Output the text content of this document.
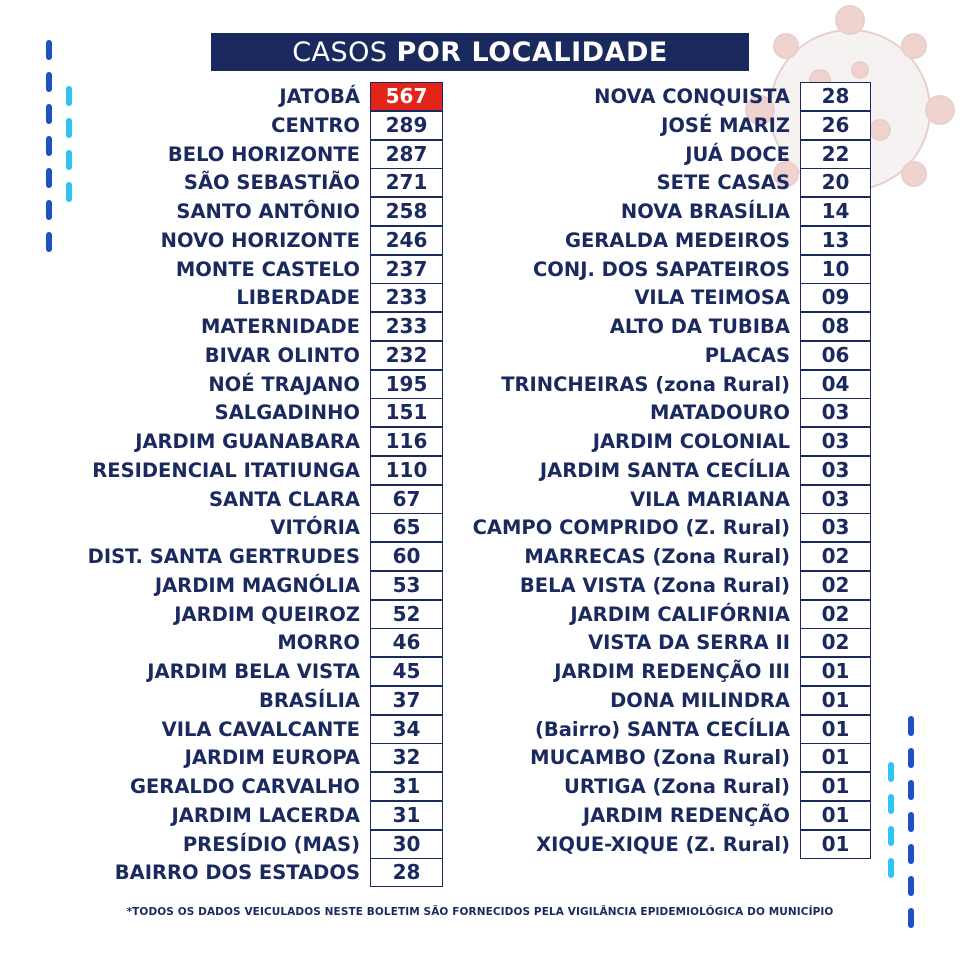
CASOS POR LOCALIDADE
JATOBÁ	567
CENTRO	289
BELO HORIZONTE	287
SÃO SEBASTIÃO	271
SANTO ANTÔNIO	258
NOVO HORIZONTE	246
MONTE CASTELO	237
LIBERDADE	233
MATERNIDADE	233
BIVAR OLINTO	232
NOÉ TRAJANO	195
SALGADINHO	151
JARDIM GUANABARA	116
RESIDENCIAL ITATIUNGA	110
SANTA CLARA	67
VITÓRIA	65
DIST. SANTA GERTRUDES	60
JARDIM MAGNÓLIA	53
JARDIM QUEIROZ	52
MORRO	46
JARDIM BELA VISTA	45
BRASÍLIA	37
VILA CAVALCANTE	34
JARDIM EUROPA	32
GERALDO CARVALHO	31
JARDIM LACERDA	31
PRESÍDIO (MAS)	30
BAIRRO DOS ESTADOS	28
NOVA CONQUISTA	28
JOSÉ MARIZ	26
JUÁ DOCE	22
SETE CASAS	20
NOVA BRASÍLIA	14
GERALDA MEDEIROS	13
CONJ. DOS SAPATEIROS	10
VILA TEIMOSA	09
ALTO DA TUBIBA	08
PLACAS	06
TRINCHEIRAS (zona Rural)	04
MATADOURO	03
JARDIM COLONIAL	03
JARDIM SANTA CECÍLIA	03
VILA MARIANA	03
CAMPO COMPRIDO (Z. Rural)	03
MARRECAS (Zona Rural)	02
BELA VISTA (Zona Rural)	02
JARDIM CALIFÓRNIA	02
VISTA DA SERRA II	02
JARDIM REDENÇÃO III	01
DONA MILINDRA	01
(Bairro) SANTA CECÍLIA	01
MUCAMBO (Zona Rural)	01
URTIGA (Zona Rural)	01
JARDIM REDENÇÃO	01
XIQUE-XIQUE (Z. Rural)	01
*TODOS OS DADOS VEICULADOS NESTE BOLETIM SÃO FORNECIDOS PELA VIGILÂNCIA EPIDEMIOLÓGICA DO MUNICÍPIO
